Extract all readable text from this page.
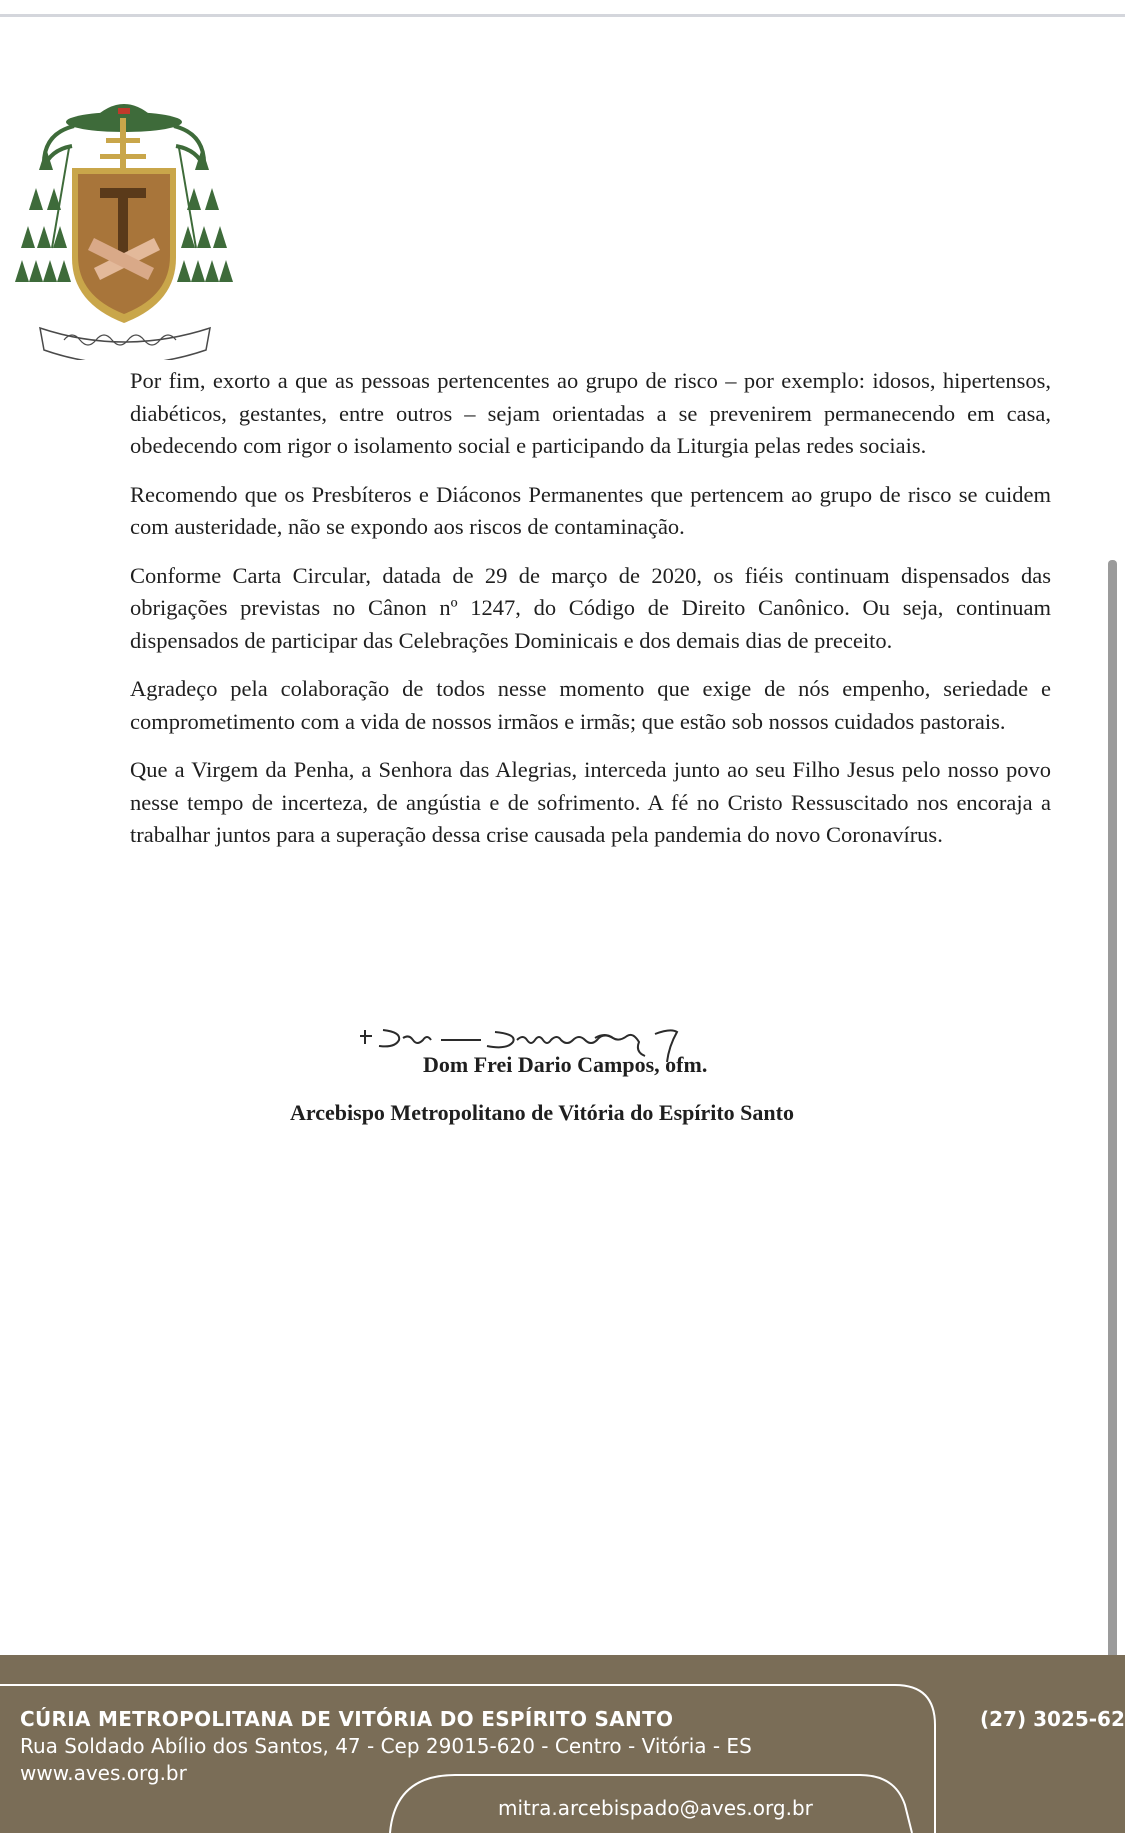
Por fim, exorto a que as pessoas pertencentes ao grupo de risco – por exemplo: idosos, hipertensos, diabéticos, gestantes, entre outros – sejam orientadas a se prevenirem permanecendo em casa, obedecendo com rigor o isolamento social e participando da Liturgia pelas redes sociais.

Recomendo que os Presbíteros e Diáconos Permanentes que pertencem ao grupo de risco se cuidem com austeridade, não se expondo aos riscos de contaminação.

Conforme Carta Circular, datada de 29 de março de 2020, os fiéis continuam dispensados das obrigações previstas no Cânon nº 1247, do Código de Direito Canônico. Ou seja, continuam dispensados de participar das Celebrações Dominicais e dos demais dias de preceito.

Agradeço pela colaboração de todos nesse momento que exige de nós empenho, seriedade e comprometimento com a vida de nossos irmãos e irmãs; que estão sob nossos cuidados pastorais.

Que a Virgem da Penha, a Senhora das Alegrias, interceda junto ao seu Filho Jesus pelo nosso povo nesse tempo de incerteza, de angústia e de sofrimento. A fé no Cristo Ressuscitado nos encoraja a trabalhar juntos para a superação dessa crise causada pela pandemia do novo Coronavírus.

Dom Frei Dario Campos, ofm.
Arcebispo Metropolitano de Vitória do Espírito Santo
CÚRIA METROPOLITANA DE VITÓRIA DO ESPÍRITO SANTO	(27) 3025-62
Rua Soldado Abílio dos Santos, 47 - Cep 29015-620 - Centro - Vitória - ES
www.aves.org.br
mitra.arcebispado@aves.org.br
